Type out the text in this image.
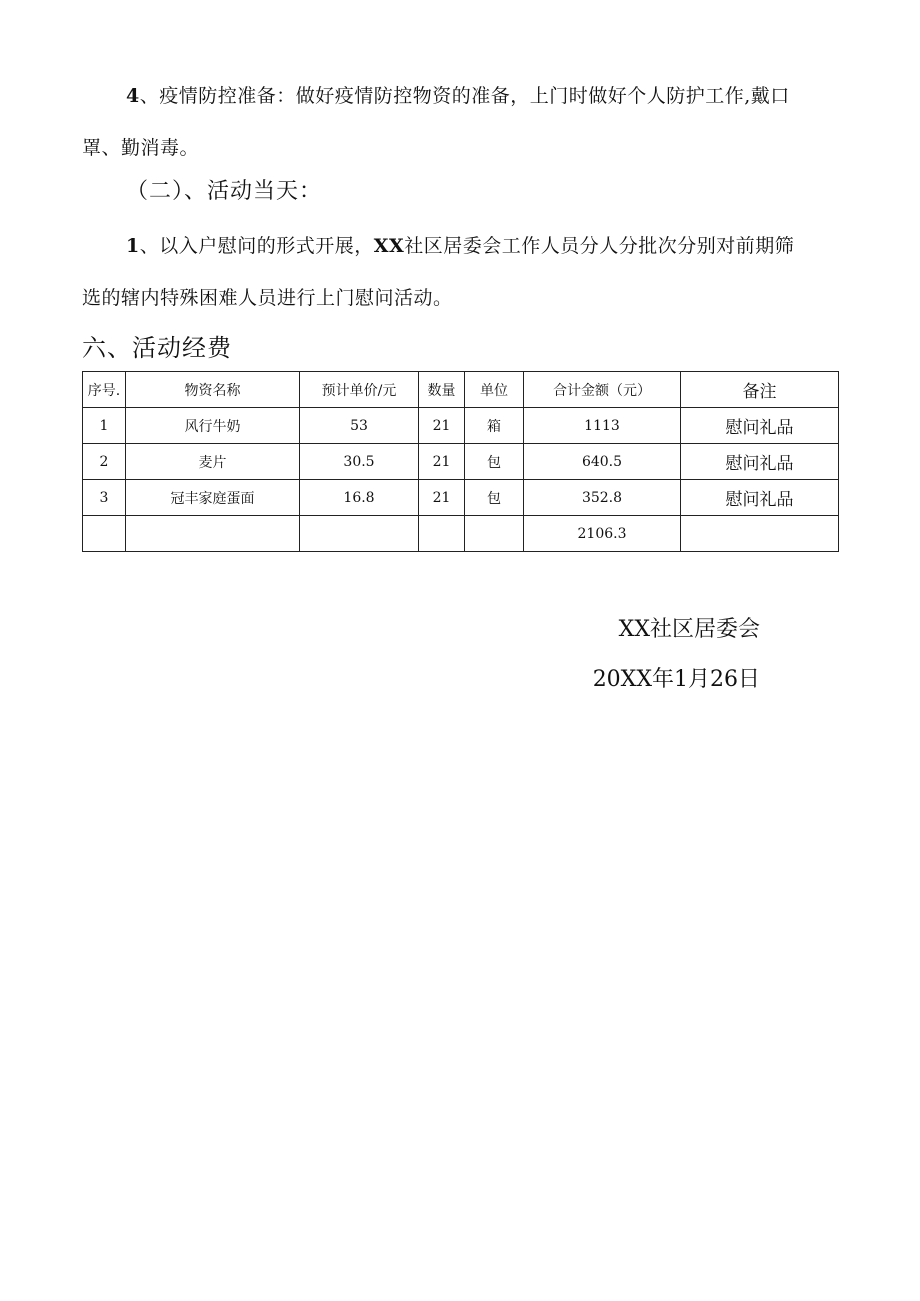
4、疫情防控准备：做好疫情防控物资的准备，上门时做好个人防护工作,戴口罩、勤消毒。

（二）、活动当天：

1、以入户慰问的形式开展，XX社区居委会工作人员分人分批次分别对前期筛选的辖内特殊困难人员进行上门慰问活动。

六、活动经费
序号.	物资名称	预计单价/元	数量	单位	合计金额（元）	备注
1	风行牛奶	53	21	箱	1113	慰问礼品
2	麦片	30.5	21	包	640.5	慰问礼品
3	冠丰家庭蛋面	16.8	21	包	352.8	慰问礼品
					2106.3	

XX社区居委会

20XX年1月26日
